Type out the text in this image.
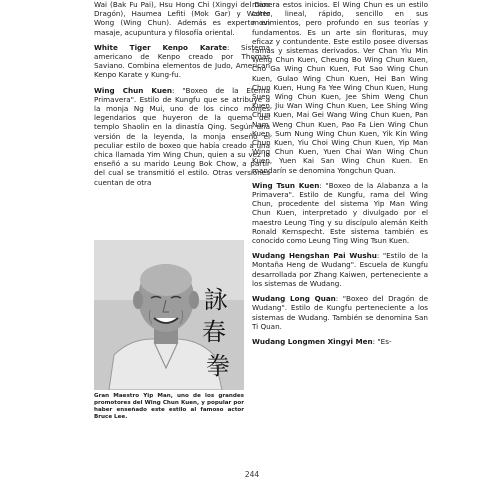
Wai (Bak Fu Pai), Hsu Hong Chi (Xingyi del Dios Dragón), Haumea Lefiti (Mok Gar) y Walter Wong (Wing Chun). Además es experto en masaje, acupuntura y filosofía oriental.

White Tiger Kenpo Karate: Sistema americano de Kenpo creado por Thomas Saviano. Combina elementos de Judo, American Kenpo Karate y Kung-fu.

Wing Chun Kuen: "Boxeo de la Eterna Primavera". Estilo de Kungfu que se atribuye a la monja Ng Mui, uno de los cinco monjes legendarios que huyeron de la quema del templo Shaolin en la dinastía Qing. Según una versión de la leyenda, la monja enseñó el peculiar estilo de boxeo que había creado a una chica llamada Yim Wing Chun, quien a su vez lo enseñó a su marido Leung Bok Chow, a partir del cual se transmitió el estilo. Otras versiones cuentan de otra

詠
春
拳

Gran Maestro Yip Man, uno de los grandes promotores del Wing Chun Kuen, y popular por haber enseñado este estilo al famoso actor Bruce Lee.

manera estos inicios. El Wing Chun es un estilo corto, lineal, rápido, sencillo en sus movimientos, pero profundo en sus teorías y fundamentos. Es un arte sin florituras, muy eficaz y contundente. Este estilo posee diversas ramas y sistemas derivados. Ver Chan Yiu Min Weng Chun Kuen, Cheung Bo Wing Chun Kuen, Cho Ga Wing Chun Kuen, Fut Sao Wing Chun Kuen, Gulao Wing Chun Kuen, Hei Ban Wing Chun Kuen, Hung Fa Yee Wing Chun Kuen, Hung Suen Wing Chun Kuen, Jee Shim Weng Chun Kuen, Jiu Wan Wing Chun Kuen, Lee Shing Wing Chun Kuen, Mai Gei Wang Wing Chun Kuen, Pan Nam Weng Chun Kuen, Pao Fa Lien Wing Chun Kuen, Sum Nung Wing Chun Kuen, Yik Kin Wing Chun Kuen, Yiu Choi Wing Chun Kuen, Yip Man Wing Chun Kuen, Yuen Chai Wan Wing Chun Kuen, Yuen Kai San Wing Chun Kuen. En mandarín se denomina Yongchun Quan.

Wing Tsun Kuen: "Boxeo de la Alabanza a la Primavera". Estilo de Kungfu, rama del Wing Chun, procedente del sistema Yip Man Wing Chun Kuen, interpretado y divulgado por el maestro Leung Ting y su discípulo alemán Keith Ronald Kernspecht. Este sistema también es conocido como Leung Ting Wing Tsun Kuen.

Wudang Hengshan Pai Wushu: "Estilo de la Montaña Heng de Wudang". Escuela de Kungfu desarrollada por Zhang Kaiwen, perteneciente a los sistemas de Wudang.

Wudang Long Quan: "Boxeo del Dragón de Wudang". Estilo de Kungfu perteneciente a los sistemas de Wudang. También se denomina San Ti Quan.

Wudang Longmen Xingyi Men: "Es-

244
